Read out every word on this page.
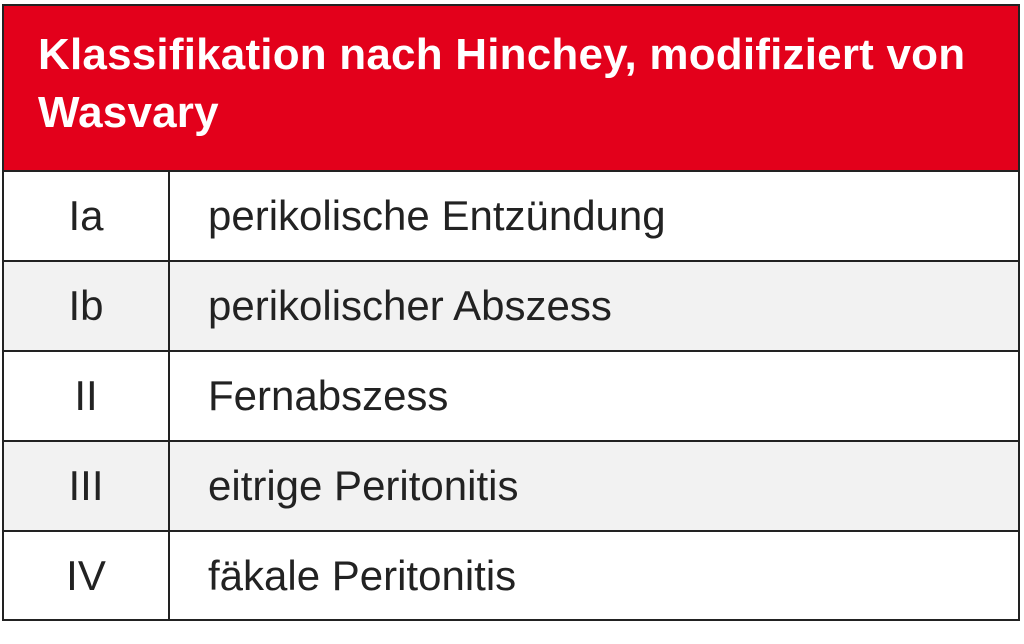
Klassifikation nach Hinchey, modifiziert von Wasvary
Ia	perikolische Entzündung
Ib	perikolischer Abszess
II	Fernabszess
III	eitrige Peritonitis
IV	fäkale Peritonitis
